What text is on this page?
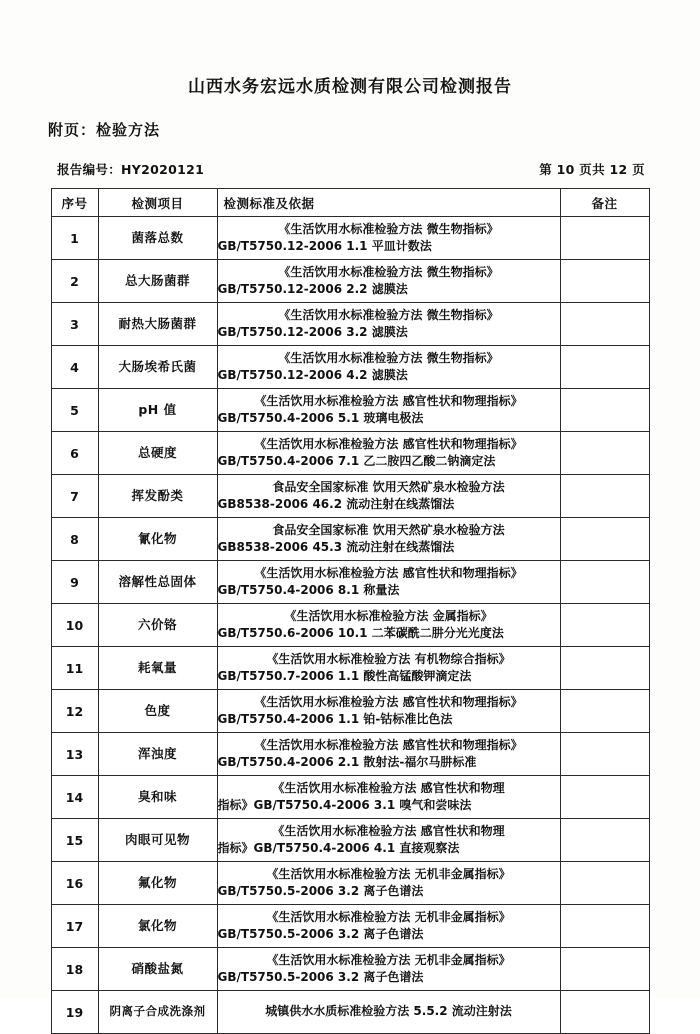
山西水务宏远水质检测有限公司检测报告
附页：检验方法
报告编号：HY2020121	第 10 页共 12 页
序号	检测项目	检测标准及依据	备注
1	菌落总数	《生活饮用水标准检验方法 微生物指标》
GB/T5750.12-2006 1.1 平皿计数法	

2	总大肠菌群	《生活饮用水标准检验方法 微生物指标》
GB/T5750.12-2006 2.2 滤膜法	

3	耐热大肠菌群	《生活饮用水标准检验方法 微生物指标》
GB/T5750.12-2006 3.2 滤膜法	

4	大肠埃希氏菌	《生活饮用水标准检验方法 微生物指标》
GB/T5750.12-2006 4.2 滤膜法	

5	pH 值	《生活饮用水标准检验方法 感官性状和物理指标》
GB/T5750.4-2006 5.1 玻璃电极法	

6	总硬度	《生活饮用水标准检验方法 感官性状和物理指标》
GB/T5750.4-2006 7.1 乙二胺四乙酸二钠滴定法	

7	挥发酚类	食品安全国家标准 饮用天然矿泉水检验方法
GB8538-2006 46.2 流动注射在线蒸馏法	

8	氰化物	食品安全国家标准 饮用天然矿泉水检验方法
GB8538-2006 45.3 流动注射在线蒸馏法	

9	溶解性总固体	《生活饮用水标准检验方法 感官性状和物理指标》
GB/T5750.4-2006 8.1 称量法	

10	六价铬	《生活饮用水标准检验方法 金属指标》
GB/T5750.6-2006 10.1 二苯碳酰二肼分光光度法	

11	耗氧量	《生活饮用水标准检验方法 有机物综合指标》
GB/T5750.7-2006 1.1 酸性高锰酸钾滴定法	

12	色度	《生活饮用水标准检验方法 感官性状和物理指标》
GB/T5750.4-2006 1.1 铂-钴标准比色法	

13	浑浊度	《生活饮用水标准检验方法 感官性状和物理指标》
GB/T5750.4-2006 2.1 散射法-福尔马肼标准	

14	臭和味	《生活饮用水标准检验方法 感官性状和物理
指标》GB/T5750.4-2006 3.1 嗅气和尝味法	

15	肉眼可见物	《生活饮用水标准检验方法 感官性状和物理
指标》GB/T5750.4-2006 4.1 直接观察法	

16	氟化物	《生活饮用水标准检验方法 无机非金属指标》
GB/T5750.5-2006 3.2 离子色谱法	

17	氯化物	《生活饮用水标准检验方法 无机非金属指标》
GB/T5750.5-2006 3.2 离子色谱法	

18	硝酸盐氮	《生活饮用水标准检验方法 无机非金属指标》
GB/T5750.5-2006 3.2 离子色谱法	

19	阴离子合成洗涤剂	城镇供水水质标准检验方法 5.5.2 流动注射法	
